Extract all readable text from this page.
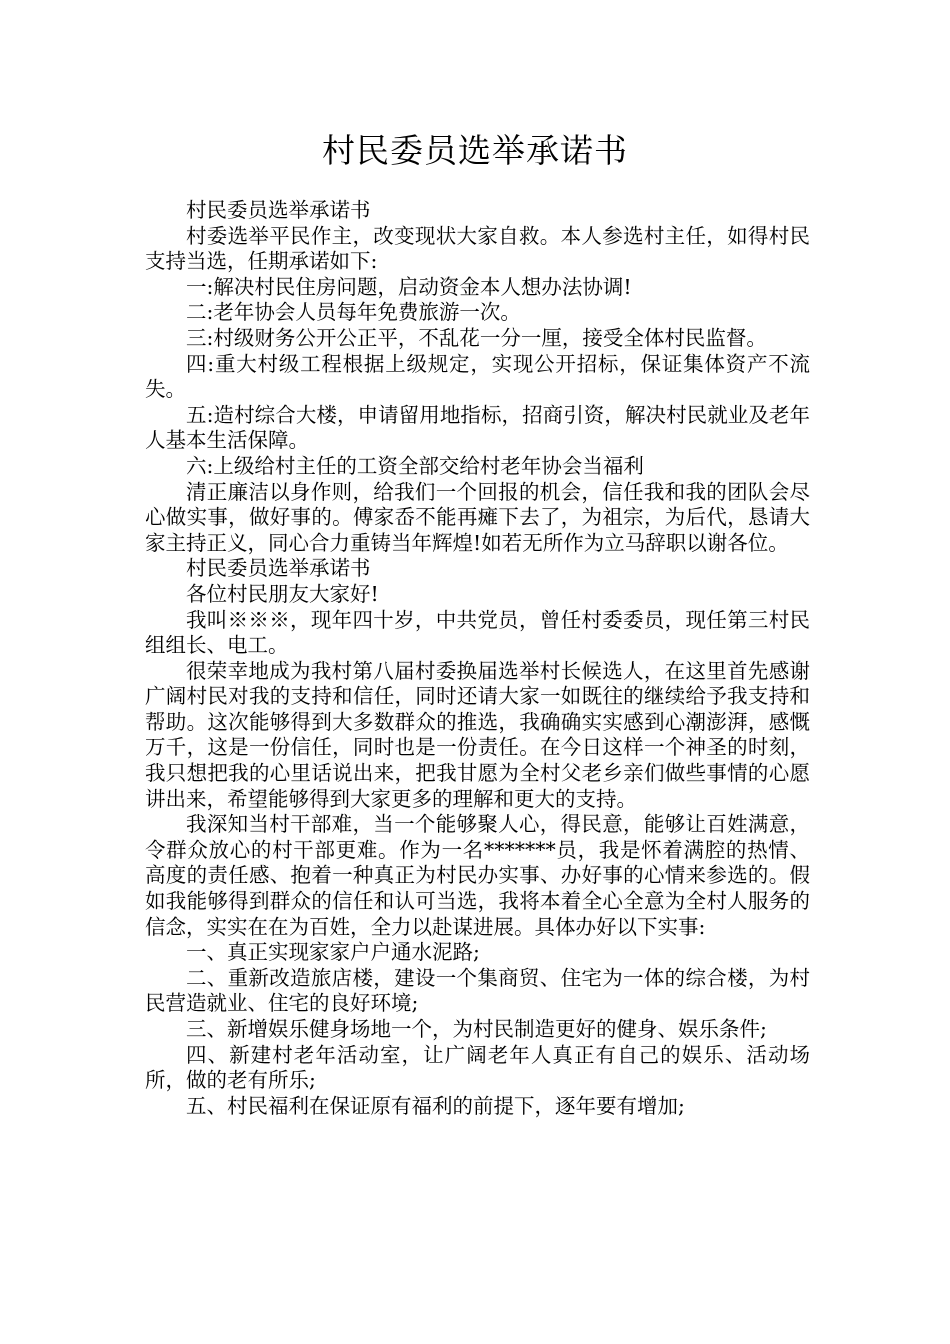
村民委员选举承诺书

村民委员选举承诺书

村委选举平民作主，改变现状大家自救。本人参选村主任，如得村民支持当选，任期承诺如下:

一:解决村民住房问题，启动资金本人想办法协调!

二:老年协会人员每年免费旅游一次。

三:村级财务公开公正平，不乱花一分一厘，接受全体村民监督。

四:重大村级工程根据上级规定，实现公开招标，保证集体资产不流失。

五:造村综合大楼，申请留用地指标，招商引资，解决村民就业及老年人基本生活保障。

六:上级给村主任的工资全部交给村老年协会当福利

清正廉洁以身作则，给我们一个回报的机会，信任我和我的团队会尽心做实事，做好事的。傅家岙不能再瘫下去了，为祖宗，为后代，恳请大家主持正义，同心合力重铸当年辉煌!如若无所作为立马辞职以谢各位。

村民委员选举承诺书

各位村民朋友大家好!

我叫※※※，现年四十岁，中共党员，曾任村委委员，现任第三村民组组长、电工。

很荣幸地成为我村第八届村委换届选举村长候选人，在这里首先感谢广阔村民对我的支持和信任，同时还请大家一如既往的继续给予我支持和帮助。这次能够得到大多数群众的推选，我确确实实感到心潮澎湃，感慨万千，这是一份信任，同时也是一份责任。在今日这样一个神圣的时刻，我只想把我的心里话说出来，把我甘愿为全村父老乡亲们做些事情的心愿讲出来，希望能够得到大家更多的理解和更大的支持。

我深知当村干部难，当一个能够聚人心，得民意，能够让百姓满意，令群众放心的村干部更难。作为一名*******员，我是怀着满腔的热情、高度的责任感、抱着一种真正为村民办实事、办好事的心情来参选的。假如我能够得到群众的信任和认可当选，我将本着全心全意为全村人服务的信念，实实在在为百姓，全力以赴谋进展。具体办好以下实事:

一、真正实现家家户户通水泥路;

二、重新改造旅店楼，建设一个集商贸、住宅为一体的综合楼，为村民营造就业、住宅的良好环境;

三、新增娱乐健身场地一个，为村民制造更好的健身、娱乐条件;

四、新建村老年活动室，让广阔老年人真正有自己的娱乐、活动场所，做的老有所乐;

五、村民福利在保证原有福利的前提下，逐年要有增加;
